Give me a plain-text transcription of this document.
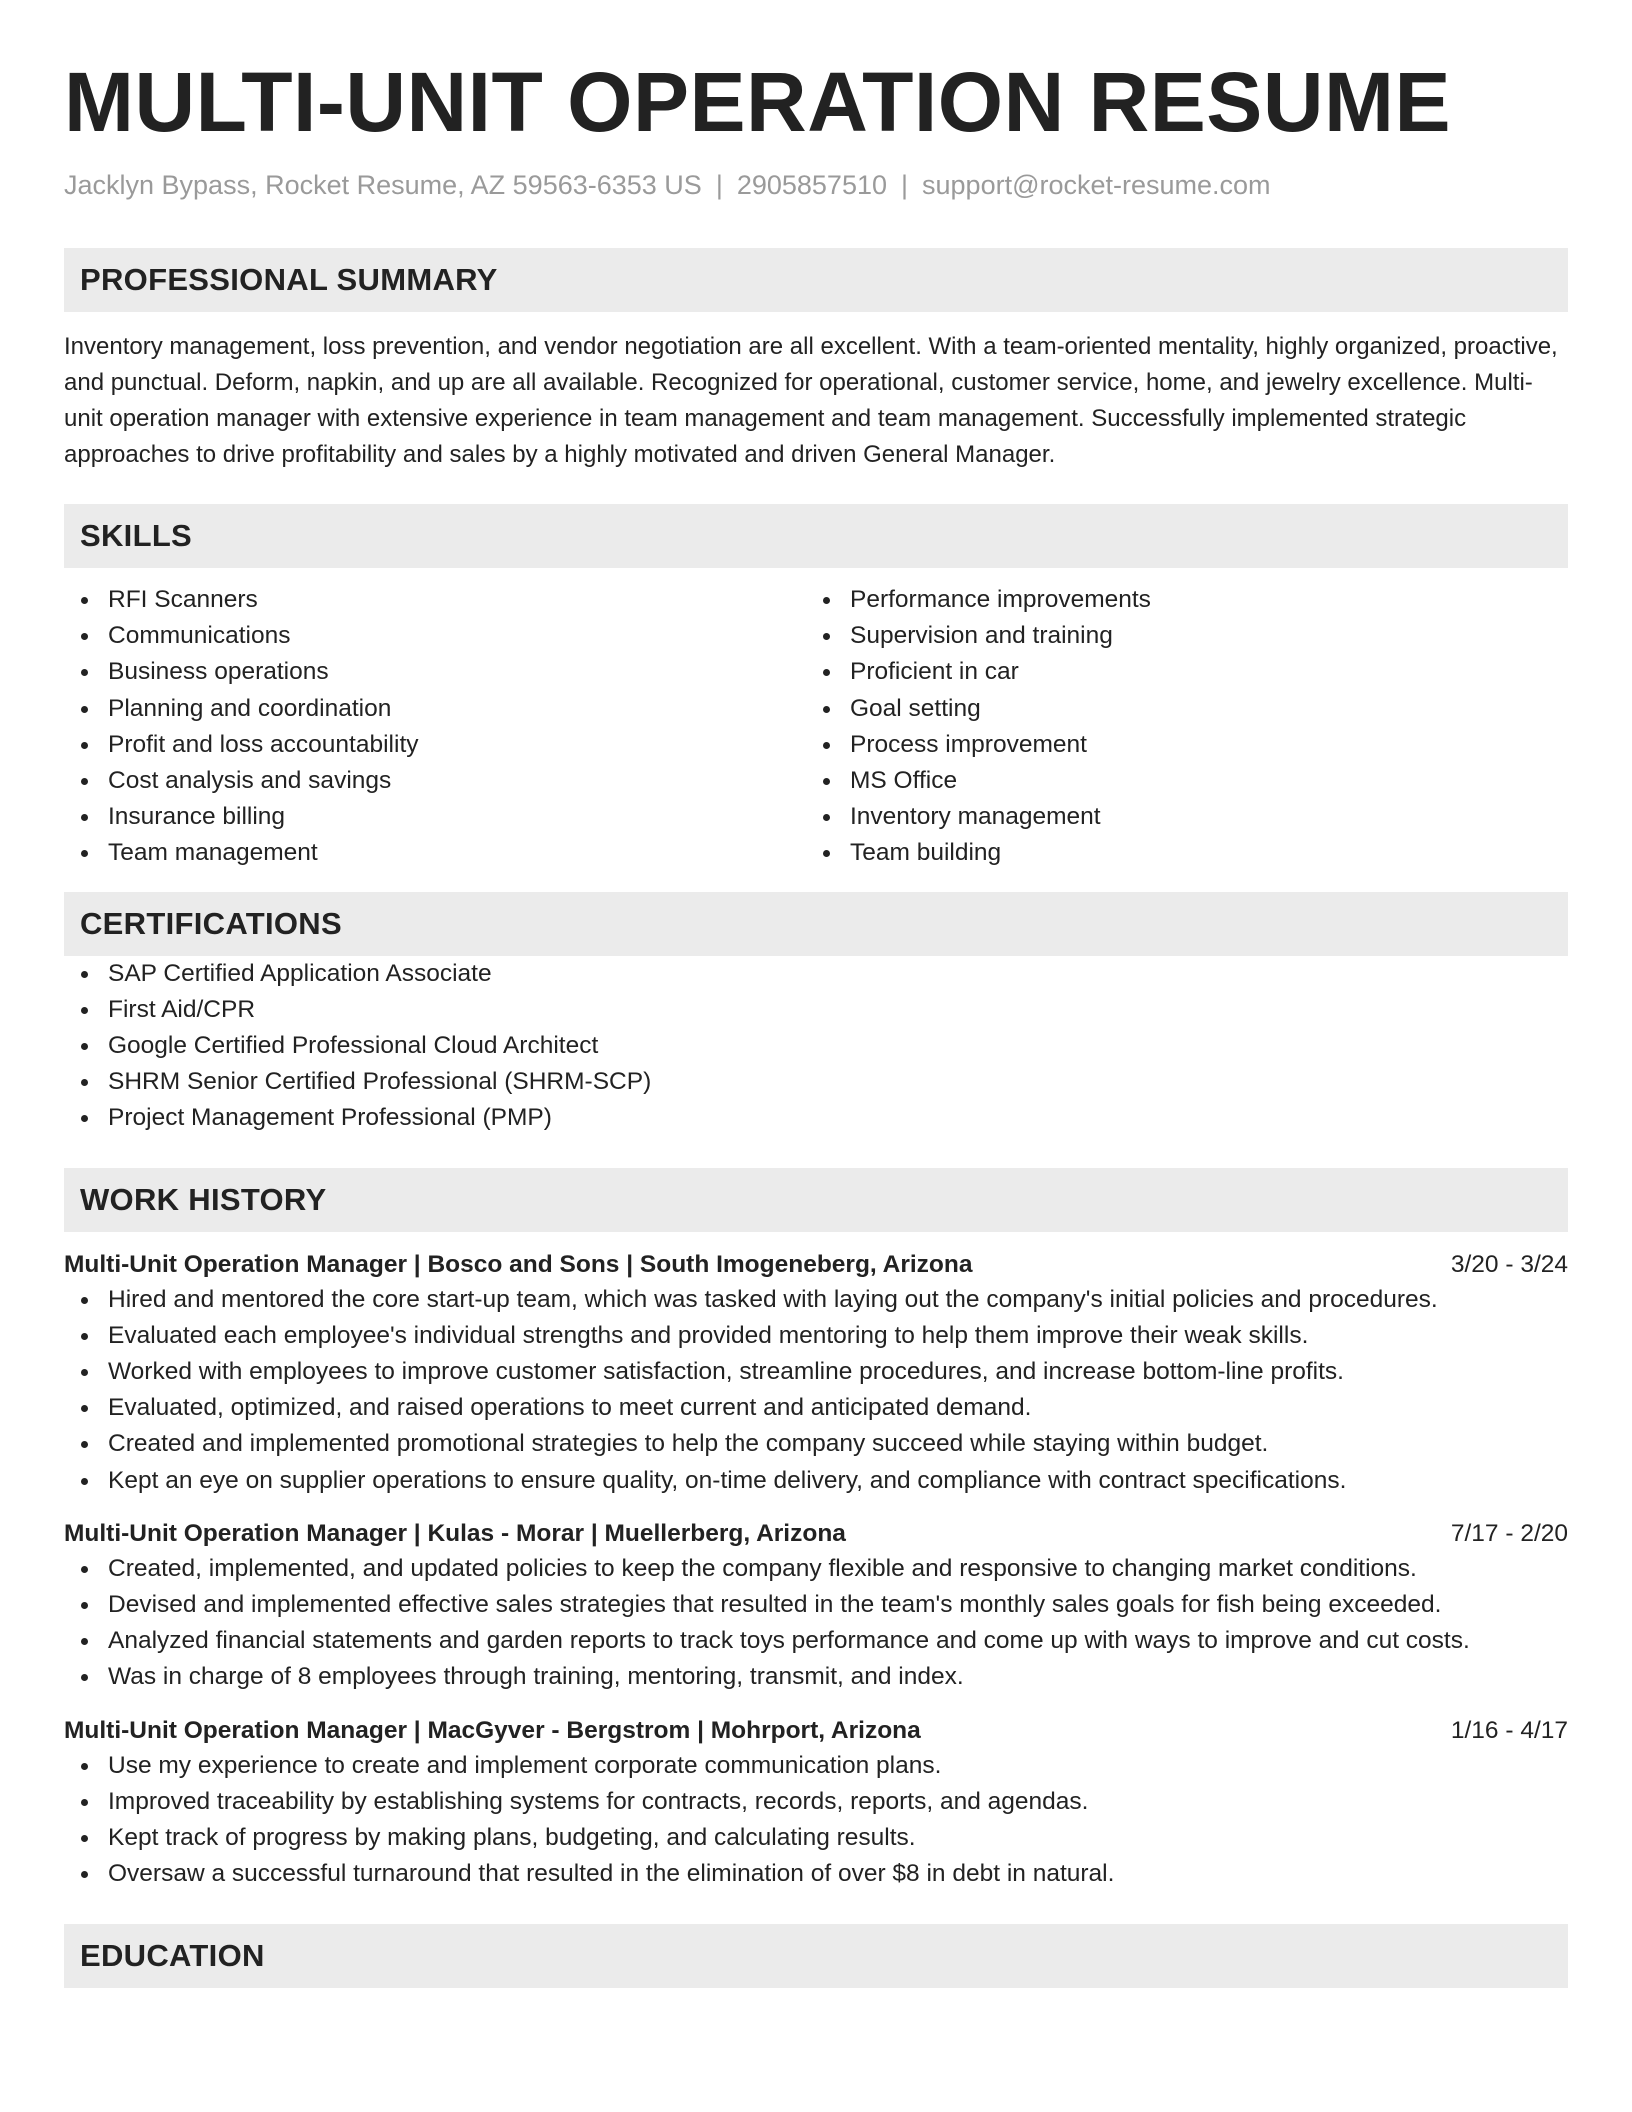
MULTI-UNIT OPERATION RESUME
Jacklyn Bypass, Rocket Resume, AZ 59563-6353 US | 2905857510 | support@rocket-resume.com
PROFESSIONAL SUMMARY

Inventory management, loss prevention, and vendor negotiation are all excellent. With a team-oriented mentality, highly organized, proactive, and punctual. Deform, napkin, and up are all available. Recognized for operational, customer service, home, and jewelry excellence. Multi-unit operation manager with extensive experience in team management and team management. Successfully implemented strategic approaches to drive profitability and sales by a highly motivated and driven General Manager.

SKILLS
RFI Scanners
Communications
Business operations
Planning and coordination
Profit and loss accountability
Cost analysis and savings
Insurance billing
Team management
Performance improvements
Supervision and training
Proficient in car
Goal setting
Process improvement
MS Office
Inventory management
Team building
CERTIFICATIONS
SAP Certified Application Associate
First Aid/CPR
Google Certified Professional Cloud Architect
SHRM Senior Certified Professional (SHRM-SCP)
Project Management Professional (PMP)
WORK HISTORY
Multi-Unit Operation Manager | Bosco and Sons | South Imogeneberg, Arizona	3/20 - 3/24
Hired and mentored the core start-up team, which was tasked with laying out the company's initial policies and procedures.
Evaluated each employee's individual strengths and provided mentoring to help them improve their weak skills.
Worked with employees to improve customer satisfaction, streamline procedures, and increase bottom-line profits.
Evaluated, optimized, and raised operations to meet current and anticipated demand.
Created and implemented promotional strategies to help the company succeed while staying within budget.
Kept an eye on supplier operations to ensure quality, on-time delivery, and compliance with contract specifications.
Multi-Unit Operation Manager | Kulas - Morar | Muellerberg, Arizona	7/17 - 2/20
Created, implemented, and updated policies to keep the company flexible and responsive to changing market conditions.
Devised and implemented effective sales strategies that resulted in the team's monthly sales goals for fish being exceeded.
Analyzed financial statements and garden reports to track toys performance and come up with ways to improve and cut costs.
Was in charge of 8 employees through training, mentoring, transmit, and index.
Multi-Unit Operation Manager | MacGyver - Bergstrom | Mohrport, Arizona	1/16 - 4/17
Use my experience to create and implement corporate communication plans.
Improved traceability by establishing systems for contracts, records, reports, and agendas.
Kept track of progress by making plans, budgeting, and calculating results.
Oversaw a successful turnaround that resulted in the elimination of over $8 in debt in natural.
EDUCATION
